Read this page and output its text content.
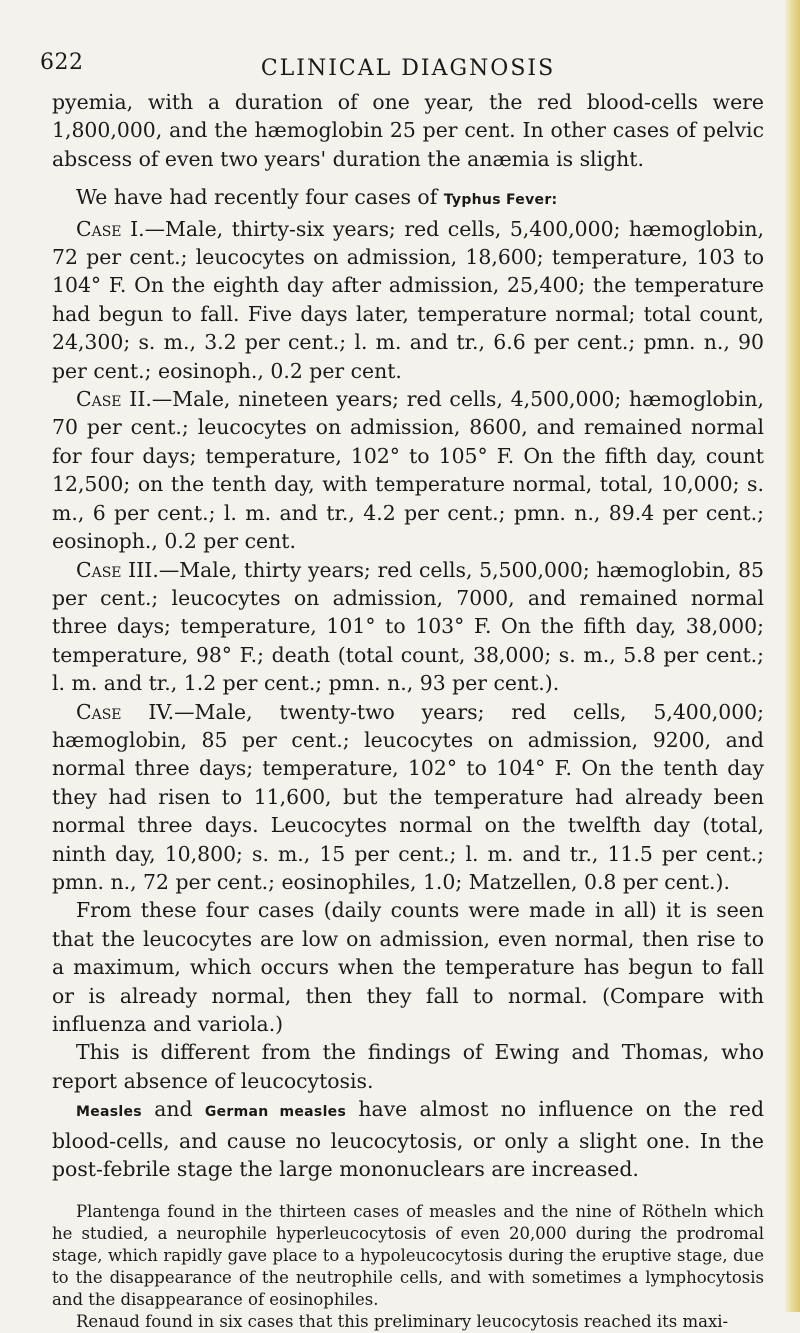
622	CLINICAL DIAGNOSIS

pyemia, with a duration of one year, the red blood-cells were 1,800,000, and the hæmoglobin 25 per cent. In other cases of pelvic abscess of even two years' duration the anæmia is slight.

We have had recently four cases of Typhus Fever:

Case I.—Male, thirty-six years; red cells, 5,400,000; hæmoglobin, 72 per cent.; leucocytes on admission, 18,600; temperature, 103 to 104° F. On the eighth day after admission, 25,400; the temperature had begun to fall. Five days later, temperature normal; total count, 24,300; s. m., 3.2 per cent.; l. m. and tr., 6.6 per cent.; pmn. n., 90 per cent.; eosinoph., 0.2 per cent.

Case II.—Male, nineteen years; red cells, 4,500,000; hæmoglobin, 70 per cent.; leucocytes on admission, 8600, and remained normal for four days; temperature, 102° to 105° F. On the fifth day, count 12,500; on the tenth day, with temperature normal, total, 10,000; s. m., 6 per cent.; l. m. and tr., 4.2 per cent.; pmn. n., 89.4 per cent.; eosinoph., 0.2 per cent.

Case III.—Male, thirty years; red cells, 5,500,000; hæmoglobin, 85 per cent.; leucocytes on admission, 7000, and remained normal three days; temperature, 101° to 103° F. On the fifth day, 38,000; temperature, 98° F.; death (total count, 38,000; s. m., 5.8 per cent.; l. m. and tr., 1.2 per cent.; pmn. n., 93 per cent.).

Case IV.—Male, twenty-two years; red cells, 5,400,000; hæmoglobin, 85 per cent.; leucocytes on admission, 9200, and normal three days; temperature, 102° to 104° F. On the tenth day they had risen to 11,600, but the temperature had already been normal three days. Leucocytes normal on the twelfth day (total, ninth day, 10,800; s. m., 15 per cent.; l. m. and tr., 11.5 per cent.; pmn. n., 72 per cent.; eosinophiles, 1.0; Matzellen, 0.8 per cent.).

From these four cases (daily counts were made in all) it is seen that the leucocytes are low on admission, even normal, then rise to a maximum, which occurs when the temperature has begun to fall or is already normal, then they fall to normal. (Compare with influenza and variola.)

This is different from the findings of Ewing and Thomas, who report absence of leucocytosis.

Measles and German measles have almost no influence on the red blood-cells, and cause no leucocytosis, or only a slight one. In the post-febrile stage the large mononuclears are increased.

Plantenga found in the thirteen cases of measles and the nine of Rötheln which he studied, a neurophile hyperleucocytosis of even 20,000 during the prodromal stage, which rapidly gave place to a hypoleucocytosis during the eruptive stage, due to the disappearance of the neutrophile cells, and with sometimes a lymphocytosis and the disappearance of eosinophiles.

Renaud found in six cases that this preliminary leucocytosis reached its maxi-
